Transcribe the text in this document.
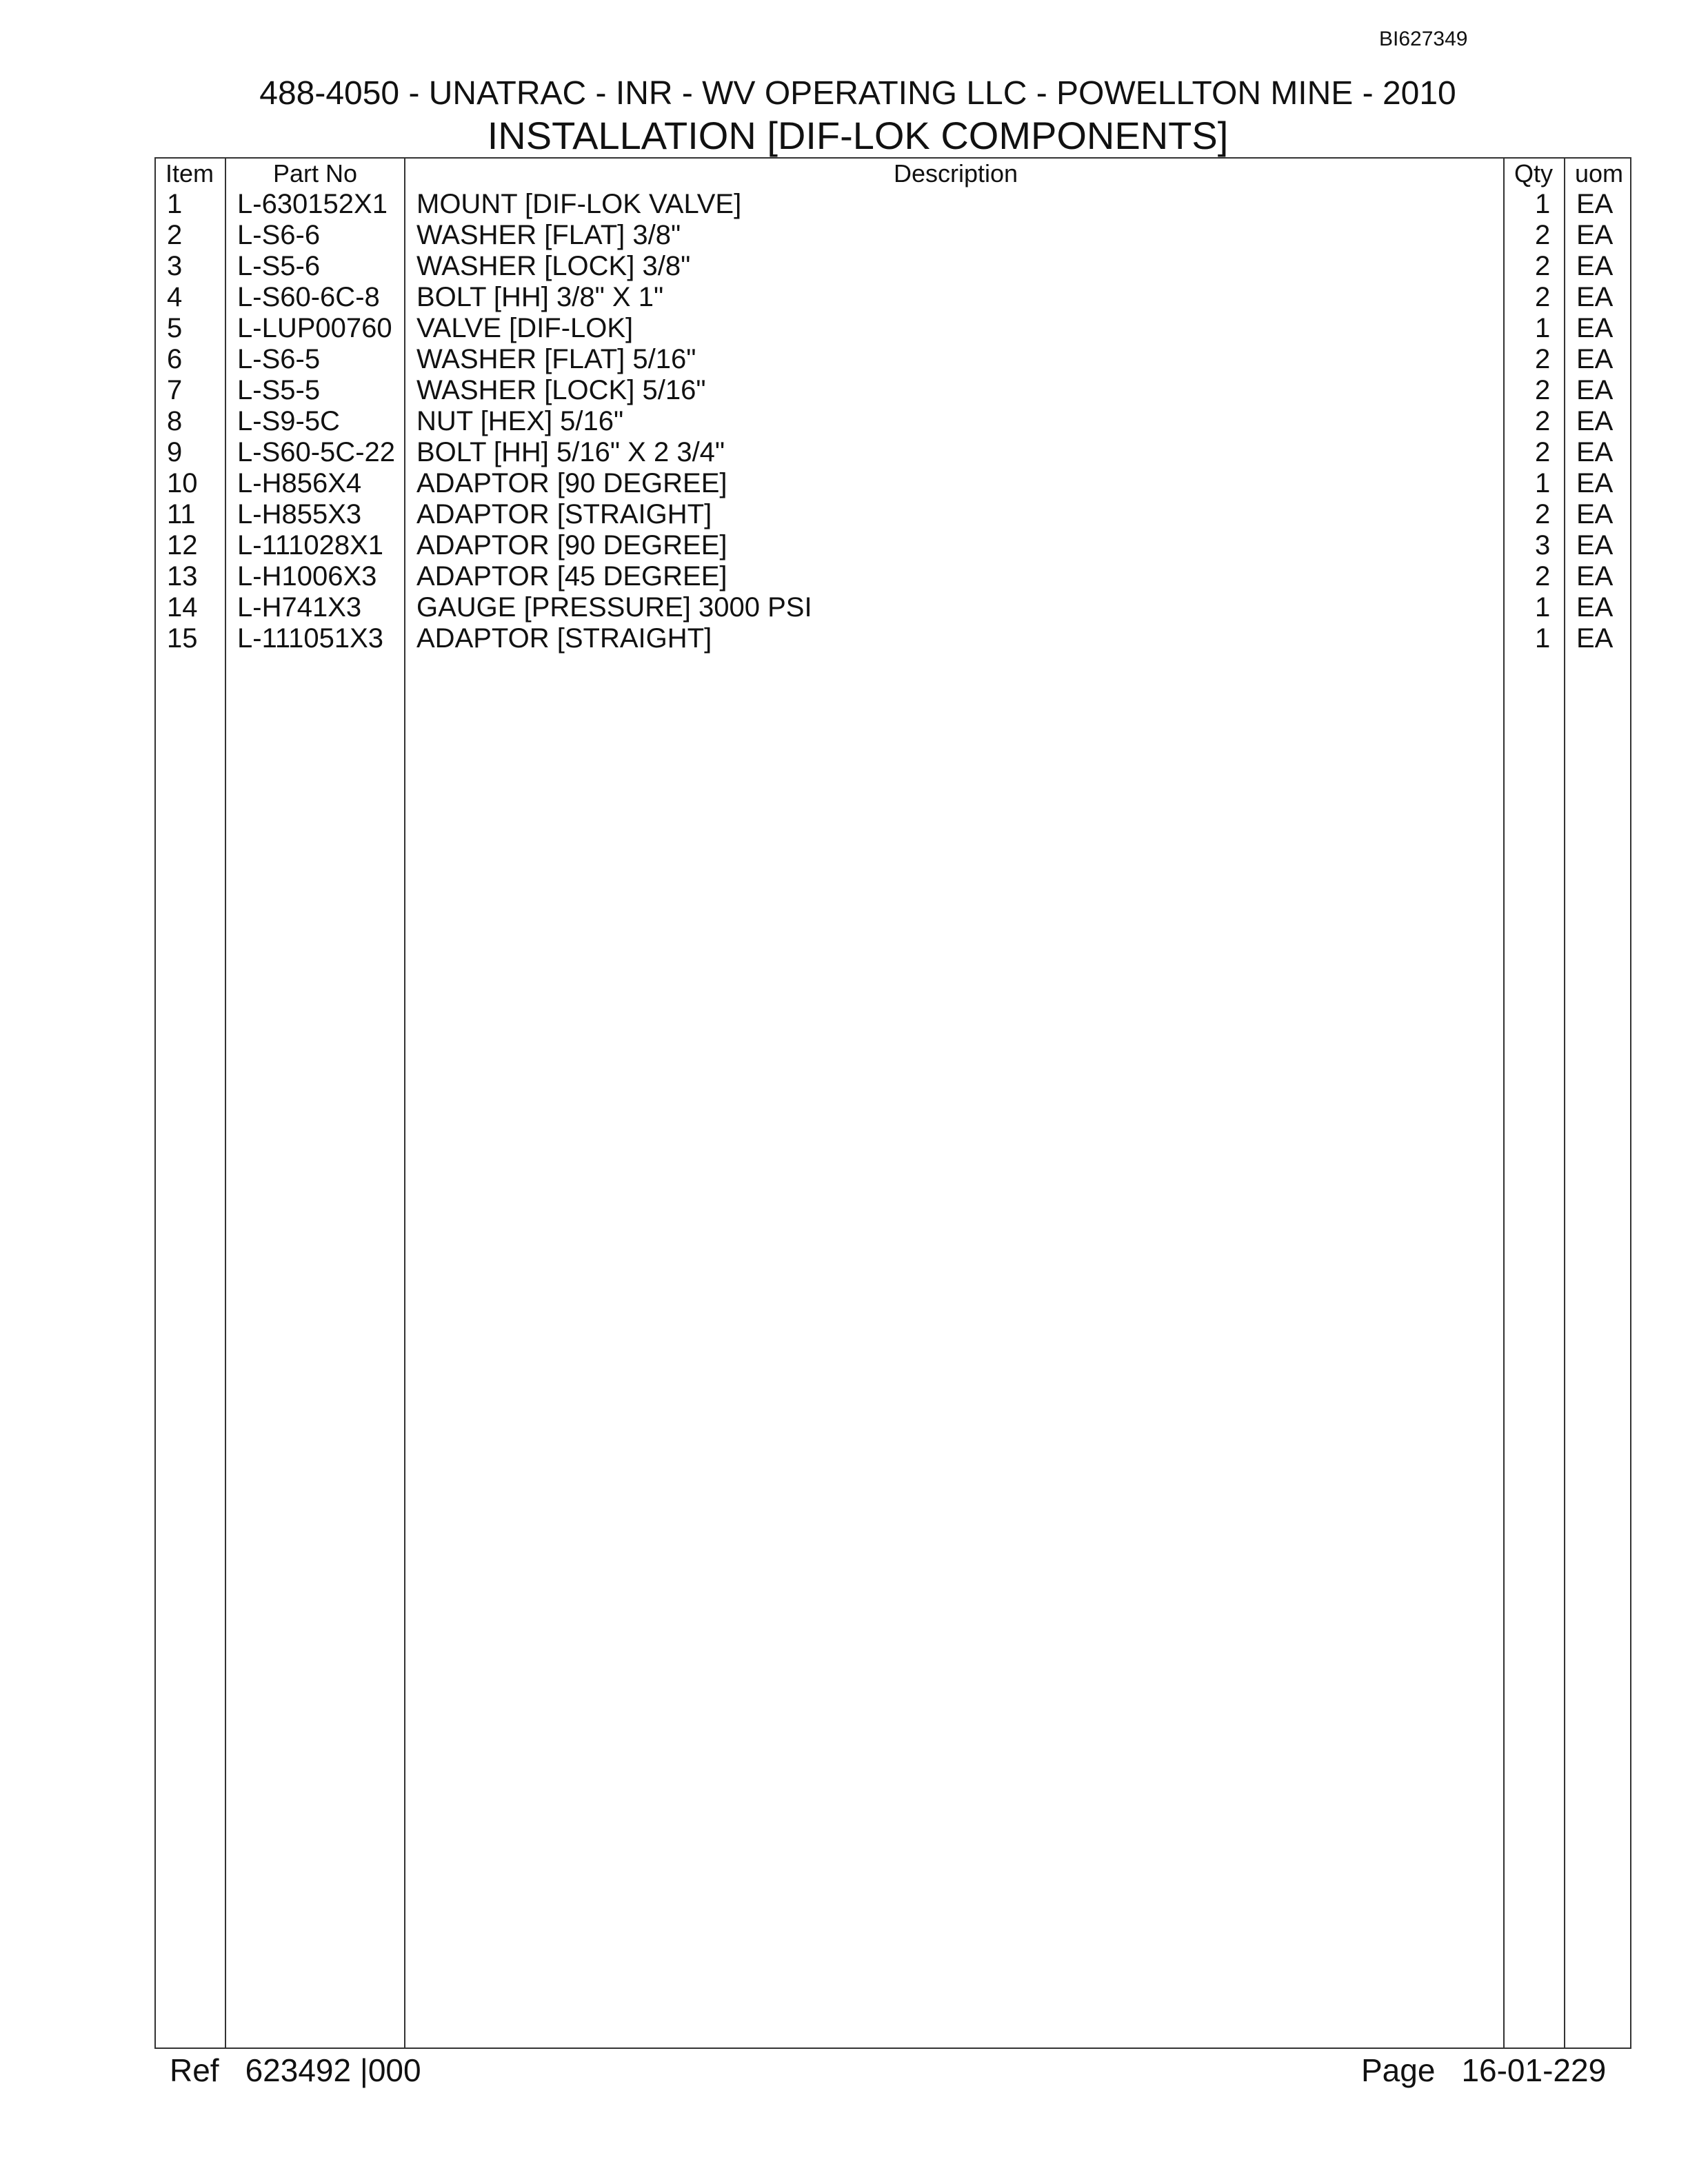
BI627349
488-4050 - UNATRAC - INR - WV OPERATING LLC - POWELLTON MINE - 2010
INSTALLATION [DIF-LOK COMPONENTS]
Item Part No	Description	Qty uom
1 L-630152X1 MOUNT [DIF-LOK VALVE]	1 EA
2 L-S6-6	WASHER [FLAT] 3/8"	2 EA
3 L-S5-6	WASHER [LOCK] 3/8"	2 EA
4 L-S60-6C-8 BOLT [HH] 3/8" X 1"	2 EA
5 L-LUP00760 VALVE [DIF-LOK]	1 EA
6 L-S6-5	WASHER [FLAT] 5/16"	2 EA
7 L-S5-5	WASHER [LOCK] 5/16"	2 EA
8 L-S9-5C	NUT [HEX] 5/16"	2 EA
9 L-S60-5C-22 BOLT [HH] 5/16" X 2 3/4"	2 EA
10 L-H856X4 ADAPTOR [90 DEGREE]	1 EA
11 L-H855X3 ADAPTOR [STRAIGHT]	2 EA
12 L-111028X1 ADAPTOR [90 DEGREE]	3 EA
13 L-H1006X3 ADAPTOR [45 DEGREE]	2 EA
14 L-H741X3 GAUGE [PRESSURE] 3000 PSI	1 EA
15 L-111051X3 ADAPTOR [STRAIGHT]	1 EA
Ref 623492 |000	Page 16-01-229
